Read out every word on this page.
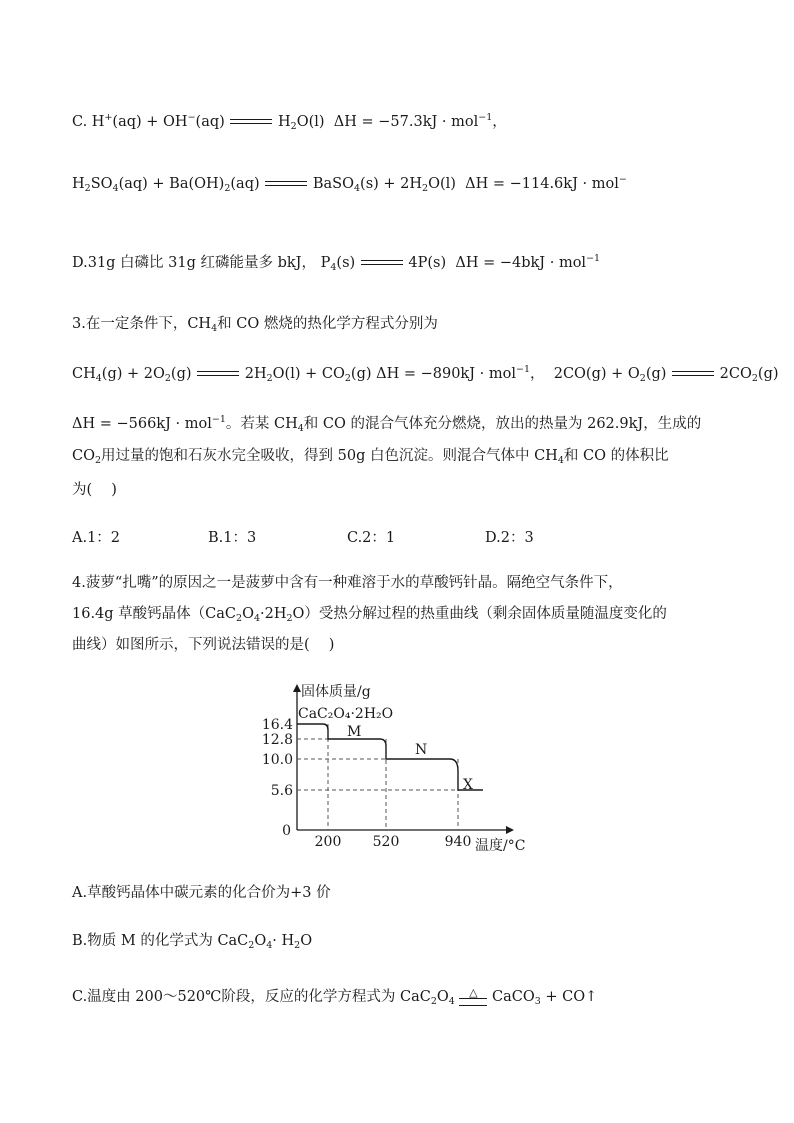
C. H+(aq) + OH−(aq)	$H_2O(l) \Delta H = -57.3kJ \cdot mol^{-1}$，
$H_2SO_4(aq) + Ba(OH)_2(aq)$	BaSO$_4$(s) + $2H_2O(l) \Delta H = -114.6kJ \cdot mol^-$
D.31g 白磷比 31g 红磷能量多 bkJ， $P_4(s)$	4P(s) ΔH = −4bkJ · mol$^{-1}$
3.在一定条件下，$CH_4$和 CO 燃烧的热化学方程式分别为
$CH_4(g) + 2O_2(g)$	$2H_2O(l) + CO_2(g) \Delta H = -890kJ \cdot mol^{-1}$， $2CO(g) + O_2(g)$	$2CO_2(g)$
ΔH = −566kJ · mol$^{-1}$。若某 $CH_4$和 CO 的混合气体充分燃烧，放出的热量为 262.9kJ，生成的
$CO_2$用过量的饱和石灰水完全吸收，得到 50g 白色沉淀。则混合气体中 $CH_4$和 CO 的体积比
为(　 )
A.1：2	B.1：3	C.2：1	D.2：3
4.菠萝“扎嘴”的原因之一是菠萝中含有一种难溶于水的草酸钙针晶。隔绝空气条件下，
16.4g 草酸钙晶体$(CaC_2O_4\cdot 2H_2O)$受热分解过程的热重曲线（剩余固体质量随温度变化的
曲线）如图所示，下列说法错误的是(　 )
16.4
12.8
10.0
5.6
0
200 520	940
固体质量/g
温度/°C
CaC₂O₄·2H₂O
M
N
X
A.草酸钙晶体中碳元素的化合价为+3 价
B.物质 M 的化学式为 $CaC_2O_4\cdot H_2O$
C.温度由 200～520℃阶段，反应的化学方程式为 $CaC_2O_4$
△ CaCO$_3$ + CO↑
